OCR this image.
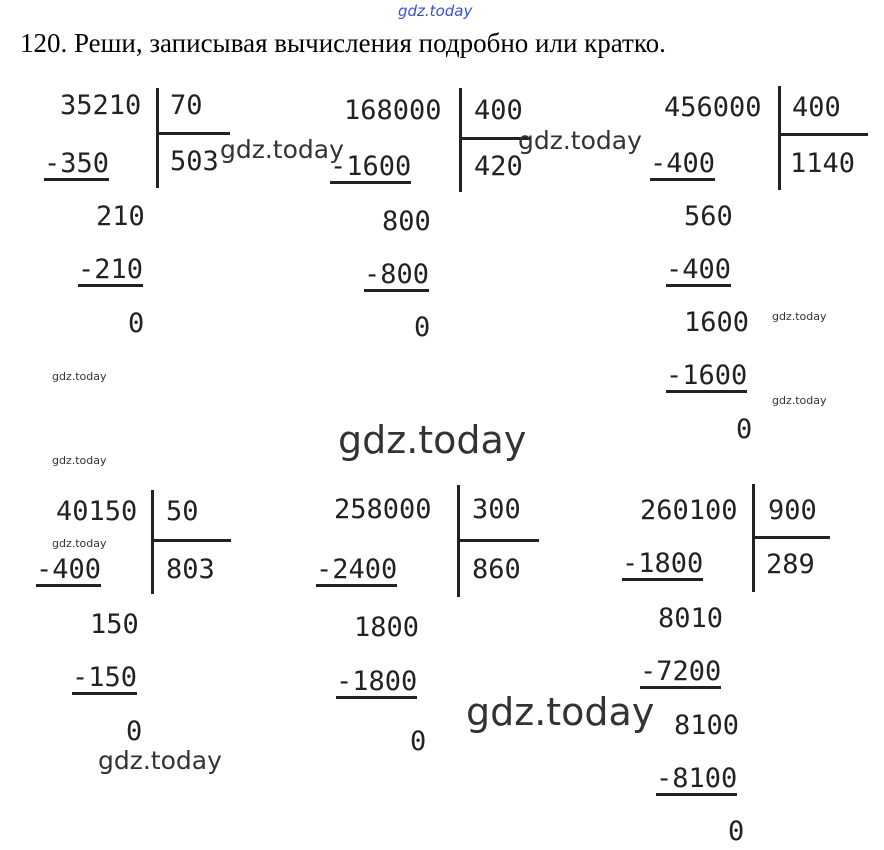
gdz.today
120. Реши, записывая вычисления подробно или кратко.
35210 70
503
-350
210
-210
0
168000 400
420
-1600
800
-800
0
456000 400
1140
-400
560
-400
1600
-1600
0
40150 50
803
-400
150
-150
0
258000 300
860
-2400
1800
-1800
0
260100 900
289
-1800
8010
-7200
8100
-8100
0
gdz.today	gdz.today
gdz.today
gdz.today
gdz.today
gdz.today
gdz.today
gdz.today
gdz.today
gdz.today
